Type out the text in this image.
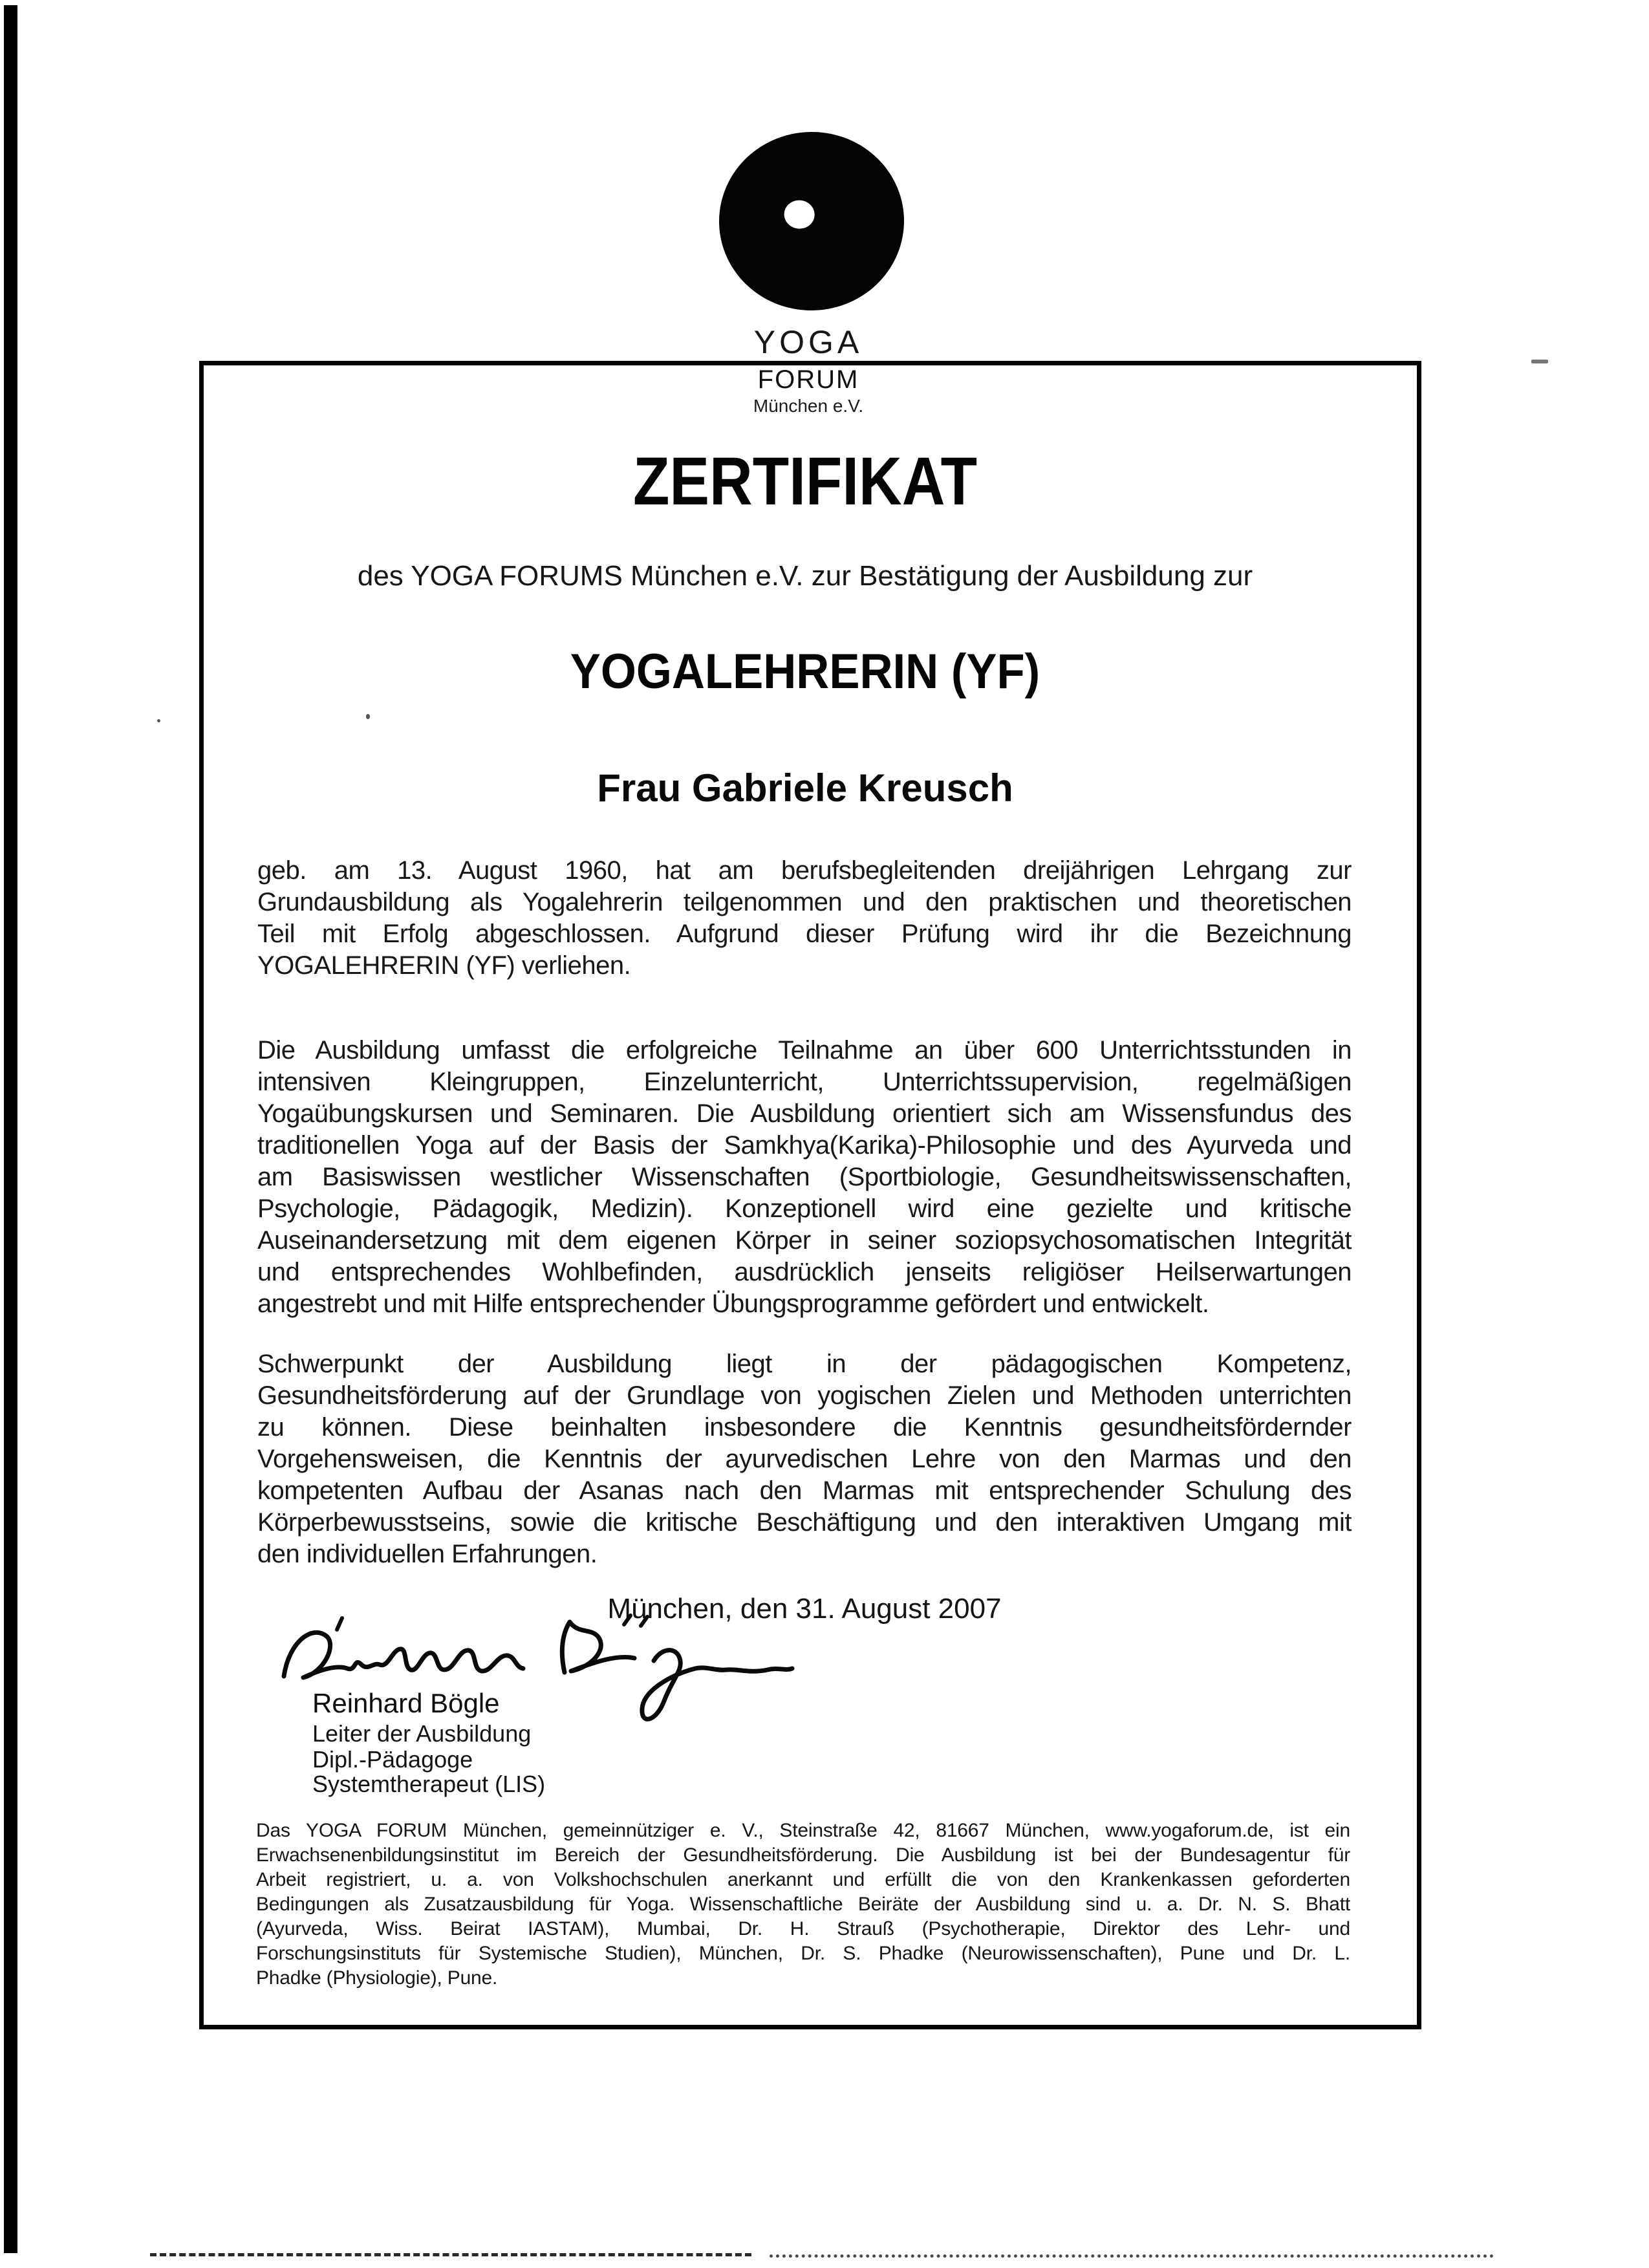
YOGA
FORUM
München e.V.
ZERTIFIKAT
des YOGA FORUMS München e.V. zur Bestätigung der Ausbildung zur
YOGALEHRERIN (YF)
Frau Gabriele Kreusch
geb. am 13. August 1960, hat am berufsbegleitenden dreijährigen Lehrgang zur
Grundausbildung als Yogalehrerin teilgenommen und den praktischen und theoretischen
Teil mit Erfolg abgeschlossen. Aufgrund dieser Prüfung wird ihr die Bezeichnung
YOGALEHRERIN (YF) verliehen.
Die Ausbildung umfasst die erfolgreiche Teilnahme an über 600 Unterrichtsstunden in
intensiven Kleingruppen, Einzelunterricht, Unterrichtssupervision, regelmäßigen
Yogaübungskursen und Seminaren. Die Ausbildung orientiert sich am Wissensfundus des
traditionellen Yoga auf der Basis der Samkhya(Karika)-Philosophie und des Ayurveda und
am Basiswissen westlicher Wissenschaften (Sportbiologie, Gesundheitswissenschaften,
Psychologie, Pädagogik, Medizin). Konzeptionell wird eine gezielte und kritische
Auseinandersetzung mit dem eigenen Körper in seiner soziopsychosomatischen Integrität
und entsprechendes Wohlbefinden, ausdrücklich jenseits religiöser Heilserwartungen
angestrebt und mit Hilfe entsprechender Übungsprogramme gefördert und entwickelt.
Schwerpunkt der Ausbildung liegt in der pädagogischen Kompetenz,
Gesundheitsförderung auf der Grundlage von yogischen Zielen und Methoden unterrichten
zu können. Diese beinhalten insbesondere die Kenntnis gesundheitsfördernder
Vorgehensweisen, die Kenntnis der ayurvedischen Lehre von den Marmas und den
kompetenten Aufbau der Asanas nach den Marmas mit entsprechender Schulung des
Körperbewusstseins, sowie die kritische Beschäftigung und den interaktiven Umgang mit
den individuellen Erfahrungen.
München, den 31. August 2007
Reinhard Bögle
Leiter der Ausbildung
Dipl.-Pädagoge
Systemtherapeut (LIS)
Das YOGA FORUM München, gemeinnütziger e. V., Steinstraße 42, 81667 München, www.yogaforum.de, ist ein
Erwachsenenbildungsinstitut im Bereich der Gesundheitsförderung. Die Ausbildung ist bei der Bundesagentur für
Arbeit registriert, u. a. von Volkshochschulen anerkannt und erfüllt die von den Krankenkassen geforderten
Bedingungen als Zusatzausbildung für Yoga. Wissenschaftliche Beiräte der Ausbildung sind u. a. Dr. N. S. Bhatt
(Ayurveda, Wiss. Beirat IASTAM), Mumbai, Dr. H. Strauß (Psychotherapie, Direktor des Lehr- und
Forschungsinstituts für Systemische Studien), München, Dr. S. Phadke (Neurowissenschaften), Pune und Dr. L.
Phadke (Physiologie), Pune.
